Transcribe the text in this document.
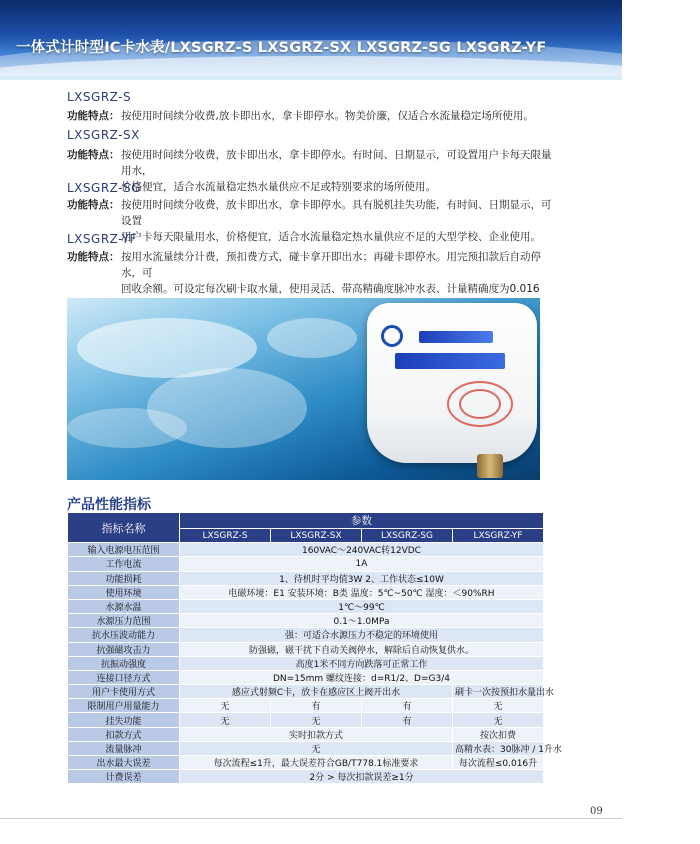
一体式计时型IC卡水表/LXSGRZ-S LXSGRZ-SX LXSGRZ-SG LXSGRZ-YF
LXSGRZ-S
功能特点： 按使用时间续分收费,放卡即出水，拿卡即停水。物美价廉，仅适合水流量稳定场所使用。
LXSGRZ-SX
功能特点： 按使用时间续分收费，放卡即出水，拿卡即停水。有时间、日期显示，可设置用户卡每天限量用水，
价格便宜，适合水流量稳定热水量供应不足或特别要求的场所使用。
LXSGRZ-SG
功能特点： 按使用时间续分收费，放卡即出水，拿卡即停水。具有脱机挂失功能，有时间、日期显示，可设置
用户卡每天限量用水，价格便宜，适合水流量稳定热水量供应不足的大型学校、企业使用。
LXSGRZ-YF
功能特点： 按用水流量续分计费，预扣费方式，碰卡拿开即出水；再碰卡即停水。用完预扣款后自动停水，可
回收余额。可设定每次刷卡取水量，使用灵活、带高精确度脉冲水表、计量精确度为0.016
产品性能指标
指标名称	参数			
	LXSGRZ-S	LXSGRZ-SX	LXSGRZ-SG	LXSGRZ-YF
输入电源电压范围	160VAC～240VAC转12VDC			
工作电流	1A			
功能损耗	1、待机时平均值3W 2、工作状态≤10W			
使用环境	电磁环境：E1 安装环境：B类 温度：5℃~50℃ 湿度：＜90%RH			
水源水温	1℃～99℃			
水源压力范围	0.1～1.0MPa			
抗水压波动能力	强：可适合水源压力不稳定的环境使用			
抗强磁攻击力	防强磁，磁干扰下自动关阀停水，解除后自动恢复供水。			
抗振动强度	高度1米不同方向跌落可正常工作			
连接口径方式	DN=15mm 螺纹连接：d=R1/2、D=G3/4			
用户卡使用方式	感应式射频C卡，放卡在感应区上阀开出水			刷卡一次按预扣水量出水
限制用户用量能力	无	有	有	无
挂失功能	无	无	有	无
扣款方式	实时扣款方式			按次扣费
流量脉冲	无			高精水表：30脉冲 / 1升水
出水最大误差	每次流程≤1升，最大误差符合GB/T778.1标准要求			每次流程≤0.016升
计费误差	2分 > 每次扣款误差≥1分			
09
